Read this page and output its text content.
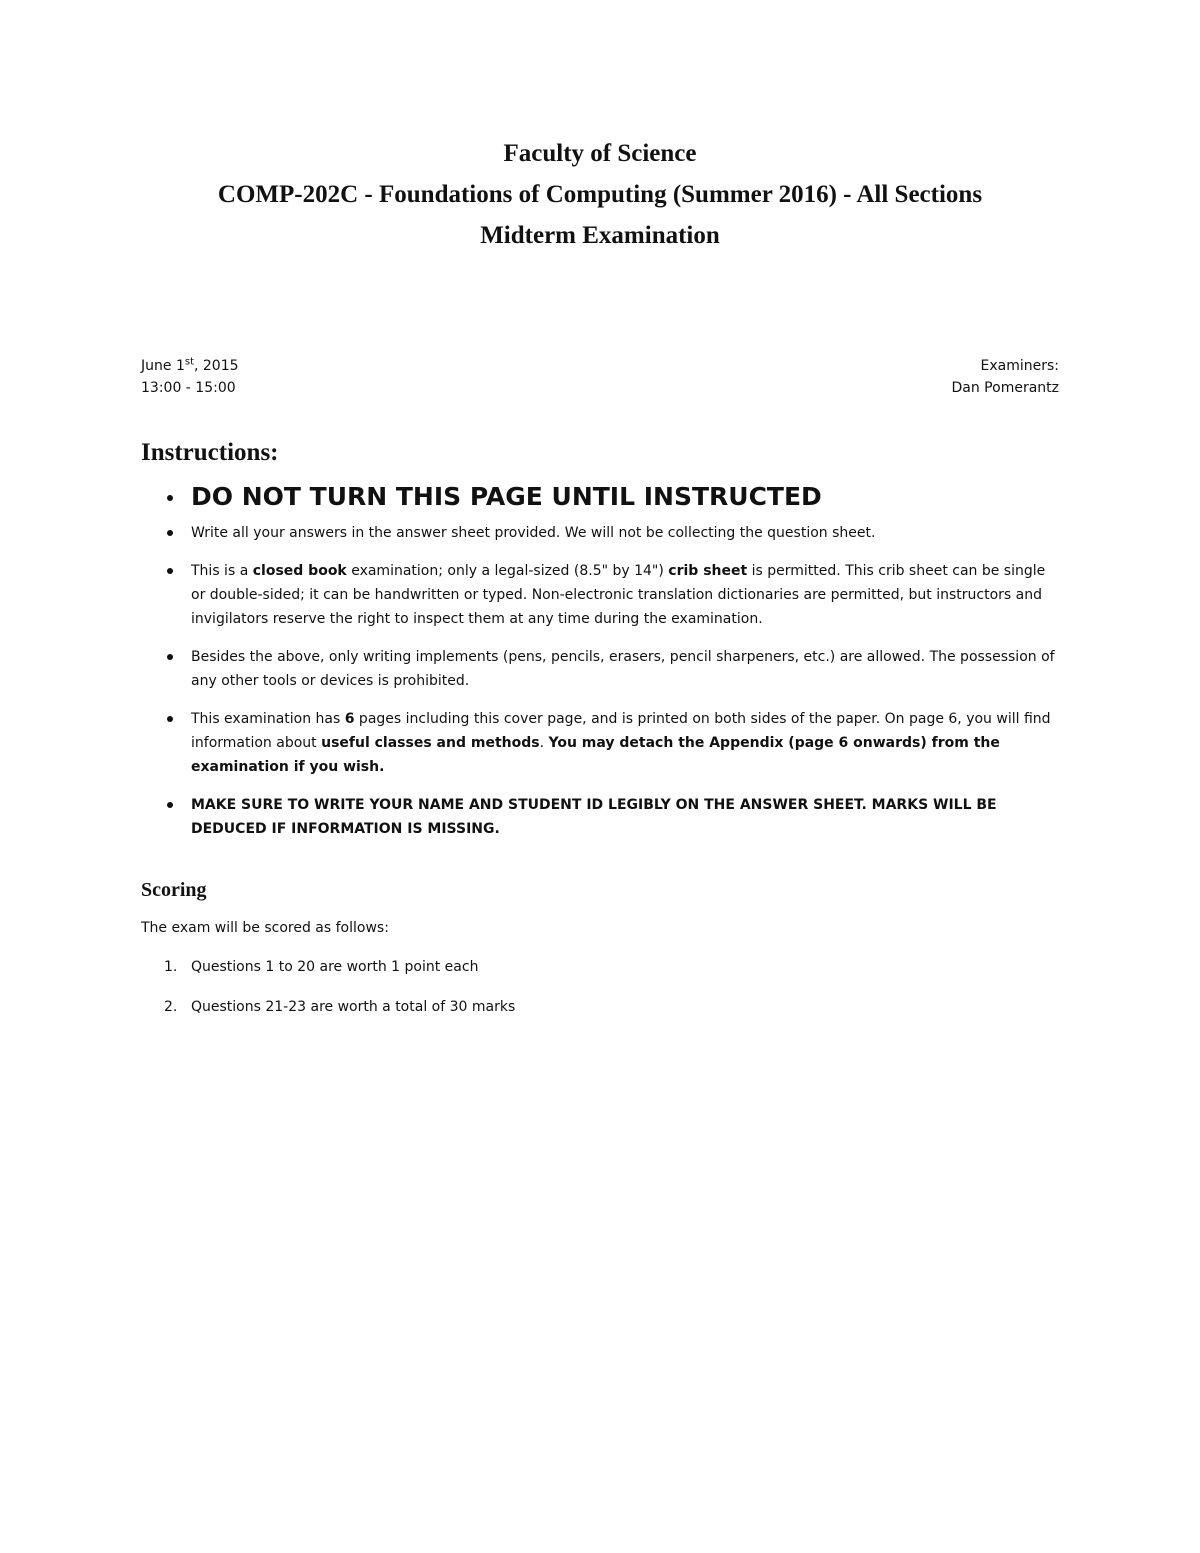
Faculty of Science
COMP-202C - Foundations of Computing (Summer 2016) - All Sections
Midterm Examination
June 1st, 2015
13:00 - 15:00
Examiners:
Dan Pomerantz
Instructions:
DO NOT TURN THIS PAGE UNTIL INSTRUCTED
Write all your answers in the answer sheet provided. We will not be collecting the question sheet.
This is a closed book examination; only a legal-sized (8.5" by 14") crib sheet is permitted. This crib sheet can be single or double-sided; it can be handwritten or typed. Non-electronic translation dictionaries are permitted, but instructors and invigilators reserve the right to inspect them at any time during the examination.
Besides the above, only writing implements (pens, pencils, erasers, pencil sharpeners, etc.) are allowed. The possession of any other tools or devices is prohibited.
This examination has 6 pages including this cover page, and is printed on both sides of the paper. On page 6, you will find information about useful classes and methods. You may detach the Appendix (page 6 onwards) from the examination if you wish.
MAKE SURE TO WRITE YOUR NAME AND STUDENT ID LEGIBLY ON THE ANSWER SHEET. MARKS WILL BE DEDUCED IF INFORMATION IS MISSING.
Scoring
The exam will be scored as follows:
1. Questions 1 to 20 are worth 1 point each
2. Questions 21-23 are worth a total of 30 marks
